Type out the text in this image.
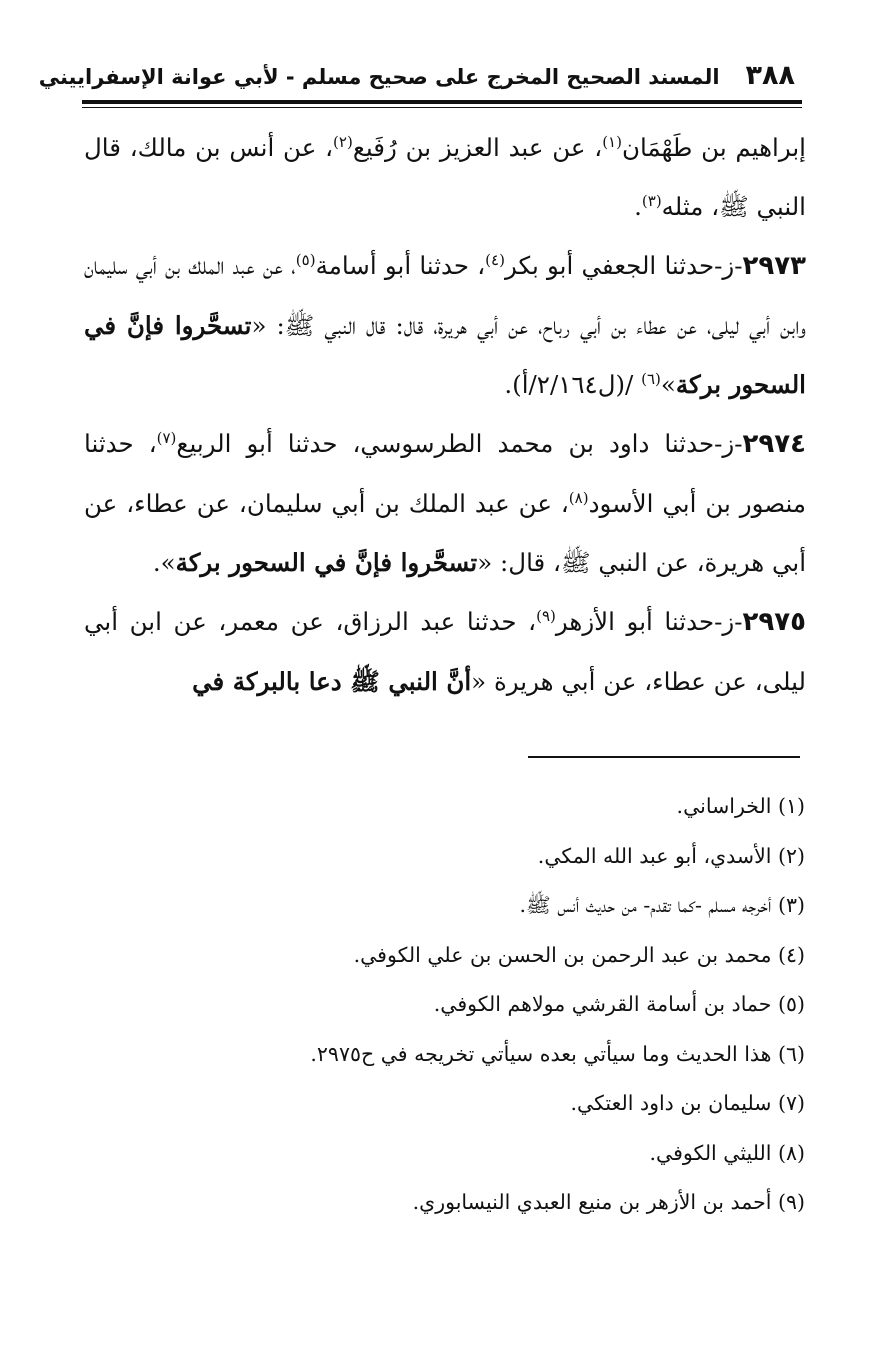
٣٨٨
المسند الصحيح المخرج على صحيح مسلم - لأبي عوانة الإسفراييني

إبراهيم بن طَهْمَان$^{(١)}$، عن عبد العزيز بن رُفَيع$^{(٢)}$، عن أنس بن مالك، قال النبي ﷺ، مثله$^{(٣)}$.

٢٩٧٣-ز-حدثنا الجعفي أبو بكر$^{(٤)}$، حدثنا أبو أسامة$^{(٥)}$، عن عبد الملك بن أبي سليمان وابن أبي ليلى، عن عطاء بن أبي رباح، عن أبي هريرة، قال: قال النبي ﷺ: «تسحَّروا فإنَّ في السحور بركة»$^{(٦)}$ /(ل٢/١٦٤/أ).

٢٩٧٤-ز-حدثنا داود بن محمد الطرسوسي، حدثنا أبو الربيع$^{(٧)}$، حدثنا منصور بن أبي الأسود$^{(٨)}$، عن عبد الملك بن أبي سليمان، عن عطاء، عن أبي هريرة، عن النبي ﷺ، قال: «تسحَّروا فإنَّ في السحور بركة».

٢٩٧٥-ز-حدثنا أبو الأزهر$^{(٩)}$، حدثنا عبد الرزاق، عن معمر، عن ابن أبي ليلى، عن عطاء، عن أبي هريرة «أنَّ النبي ﷺ دعا بالبركة في

(١) الخراساني.
(٢) الأسدي، أبو عبد الله المكي.
(٣) أخرجه مسلم -كما تقدم- من حديث أنس ﷺ.
(٤) محمد بن عبد الرحمن بن الحسن بن علي الكوفي.
(٥) حماد بن أسامة القرشي مولاهم الكوفي.
(٦) هذا الحديث وما سيأتي بعده سيأتي تخريجه في ح٢٩٧٥.
(٧) سليمان بن داود العتكي.
(٨) الليثي الكوفي.
(٩) أحمد بن الأزهر بن منيع العبدي النيسابوري.
